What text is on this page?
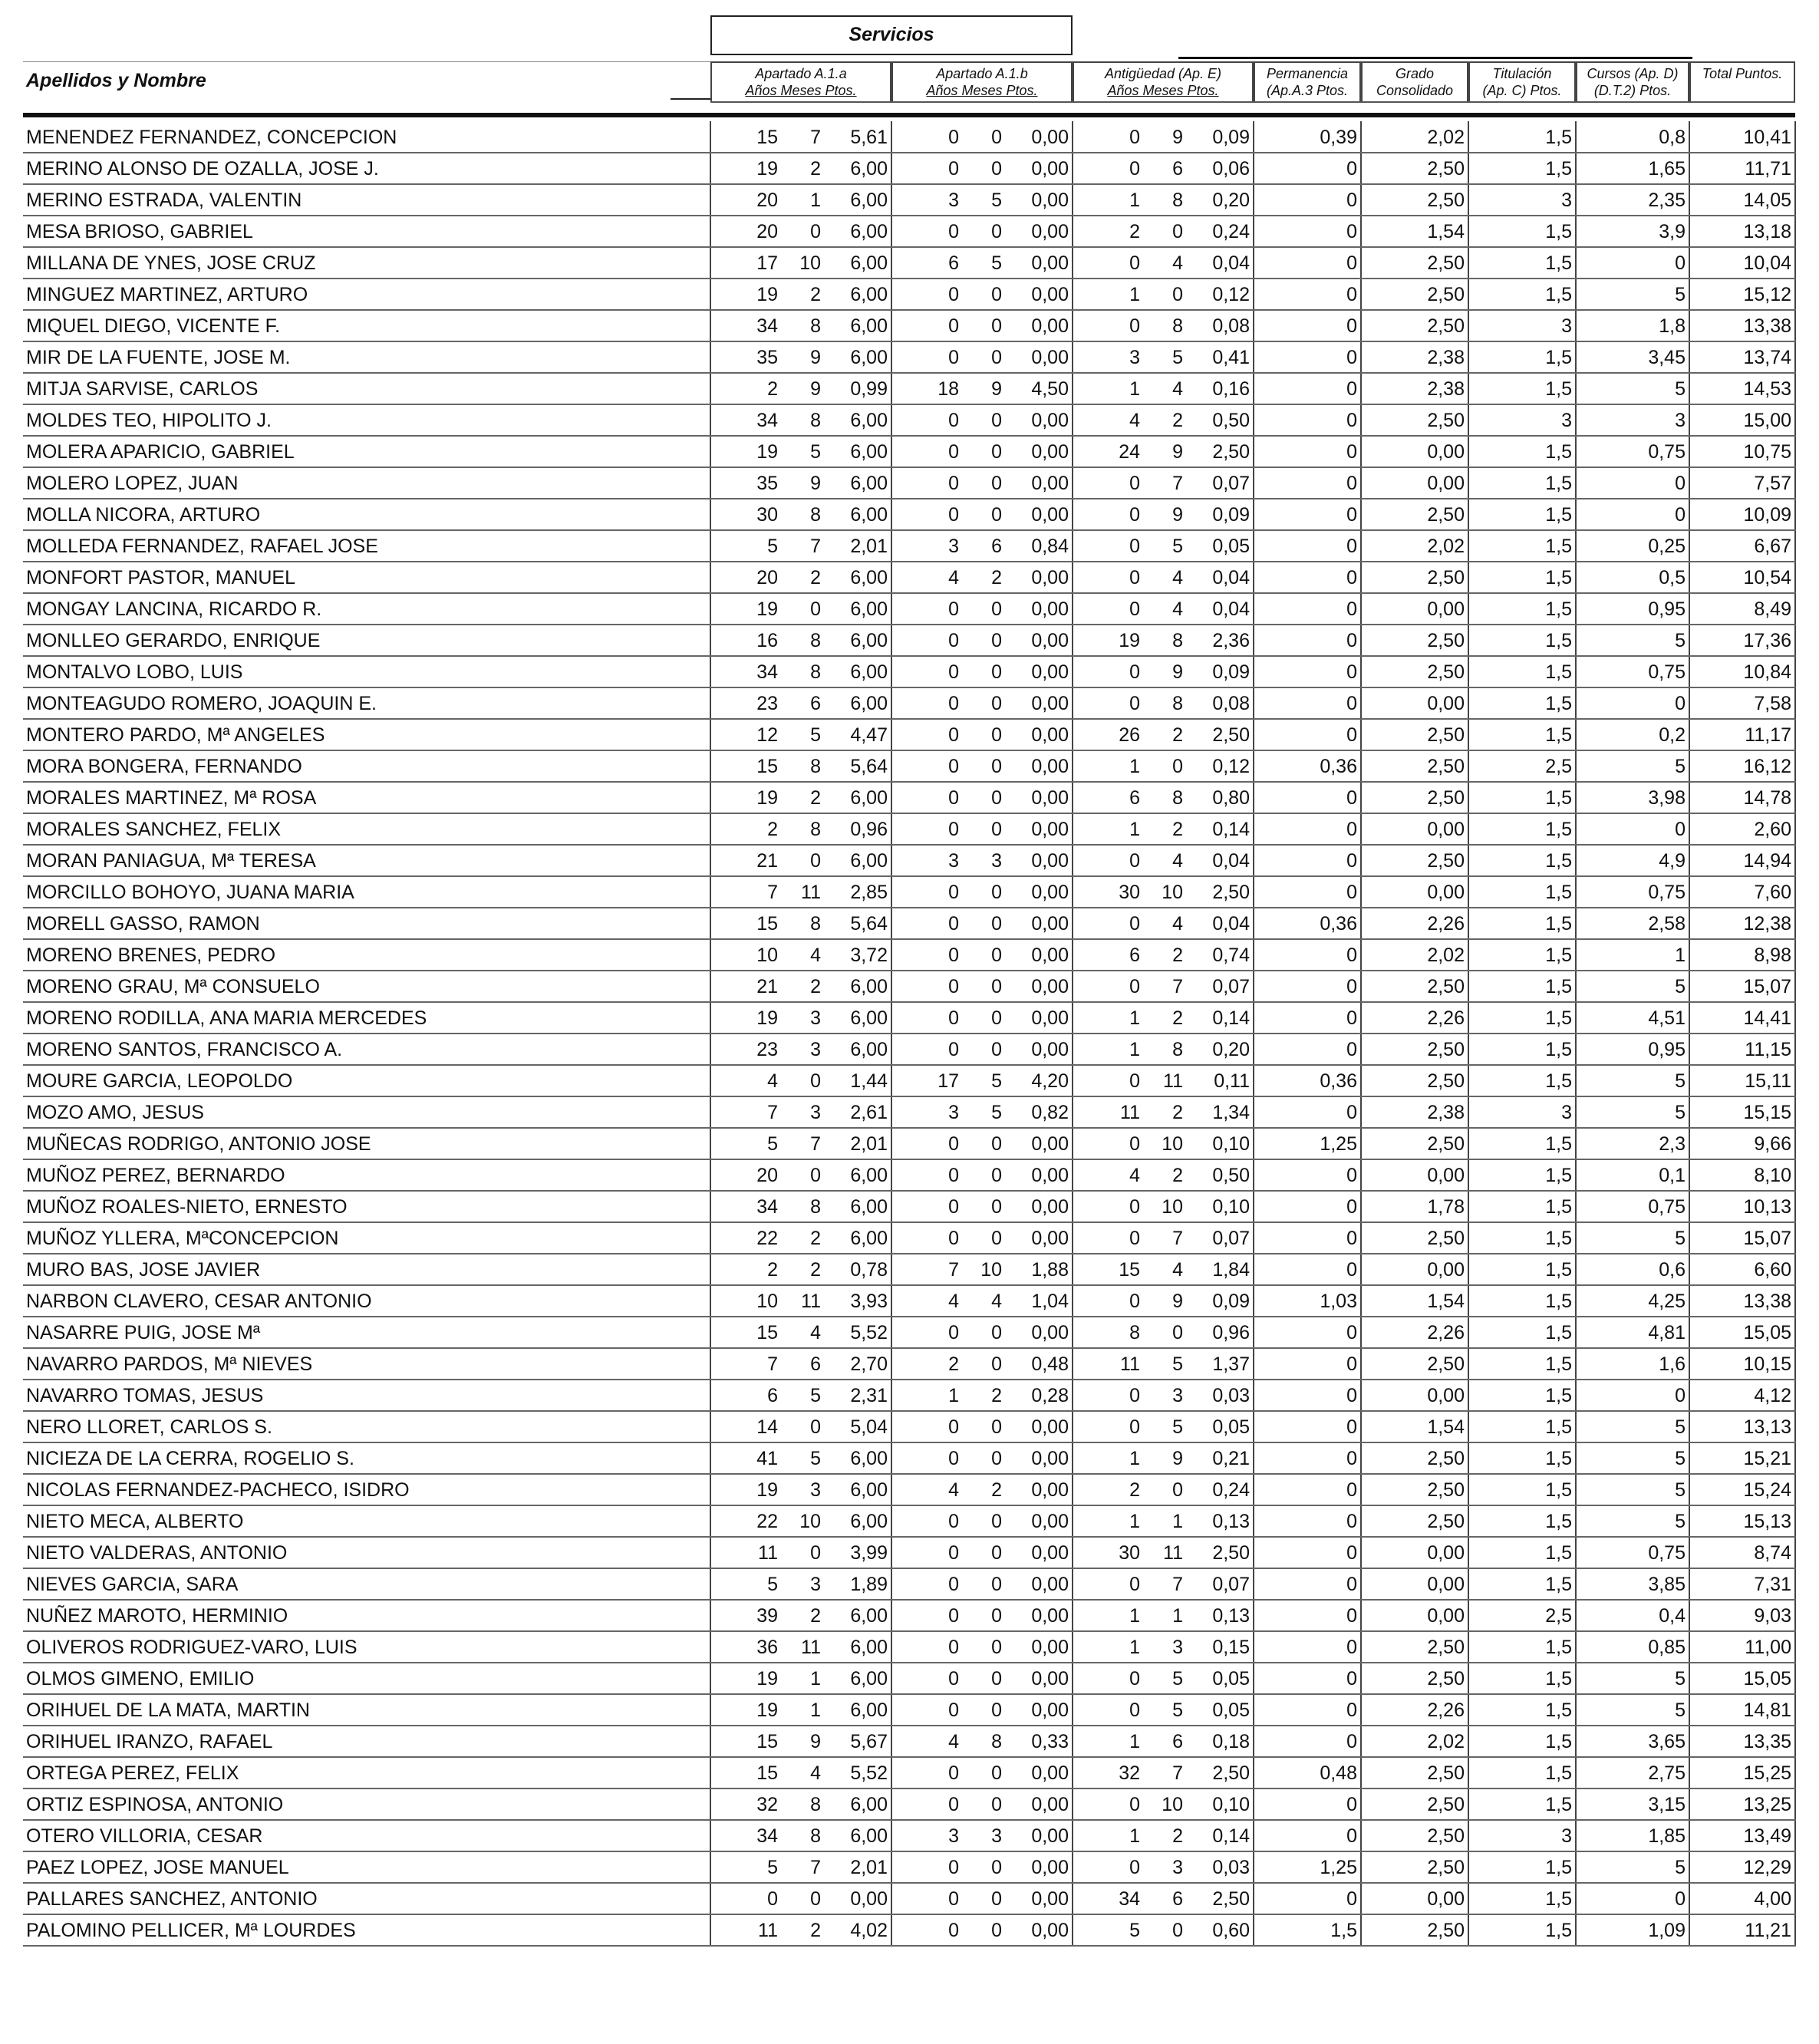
Servicios
Apellidos y Nombre	Apartado A.1.a
Años Meses Ptos.
Apartado A.1.b
Años Meses Ptos.
Antigüedad (Ap. E)
Años Meses Ptos.
Permanencia
(Ap.A.3 Ptos.
Grado
Consolidado
Titulación
(Ap. C) Ptos.
Cursos (Ap. D)
(D.T.2) Ptos.
Total Puntos.
MENENDEZ FERNANDEZ, CONCEPCION	15	7	5,61	0	0	0,00	0	9	0,09	0,39	2,02	1,5	0,8	10,41
MERINO ALONSO DE OZALLA, JOSE J.	19	2	6,00	0	0	0,00	0	6	0,06	0	2,50	1,5	1,65	11,71
MERINO ESTRADA, VALENTIN	20	1	6,00	3	5	0,00	1	8	0,20	0	2,50	3	2,35	14,05
MESA BRIOSO, GABRIEL	20	0	6,00	0	0	0,00	2	0	0,24	0	1,54	1,5	3,9	13,18
MILLANA DE YNES, JOSE CRUZ	17	10	6,00	6	5	0,00	0	4	0,04	0	2,50	1,5	0	10,04
MINGUEZ MARTINEZ, ARTURO	19	2	6,00	0	0	0,00	1	0	0,12	0	2,50	1,5	5	15,12
MIQUEL DIEGO, VICENTE F.	34	8	6,00	0	0	0,00	0	8	0,08	0	2,50	3	1,8	13,38
MIR DE LA FUENTE, JOSE M.	35	9	6,00	0	0	0,00	3	5	0,41	0	2,38	1,5	3,45	13,74
MITJA SARVISE, CARLOS	2	9	0,99	18	9	4,50	1	4	0,16	0	2,38	1,5	5	14,53
MOLDES TEO, HIPOLITO J.	34	8	6,00	0	0	0,00	4	2	0,50	0	2,50	3	3	15,00
MOLERA APARICIO, GABRIEL	19	5	6,00	0	0	0,00	24	9	2,50	0	0,00	1,5	0,75	10,75
MOLERO LOPEZ, JUAN	35	9	6,00	0	0	0,00	0	7	0,07	0	0,00	1,5	0	7,57
MOLLA NICORA, ARTURO	30	8	6,00	0	0	0,00	0	9	0,09	0	2,50	1,5	0	10,09
MOLLEDA FERNANDEZ, RAFAEL JOSE	5	7	2,01	3	6	0,84	0	5	0,05	0	2,02	1,5	0,25	6,67
MONFORT PASTOR, MANUEL	20	2	6,00	4	2	0,00	0	4	0,04	0	2,50	1,5	0,5	10,54
MONGAY LANCINA, RICARDO R.	19	0	6,00	0	0	0,00	0	4	0,04	0	0,00	1,5	0,95	8,49
MONLLEO GERARDO, ENRIQUE	16	8	6,00	0	0	0,00	19	8	2,36	0	2,50	1,5	5	17,36
MONTALVO LOBO, LUIS	34	8	6,00	0	0	0,00	0	9	0,09	0	2,50	1,5	0,75	10,84
MONTEAGUDO ROMERO, JOAQUIN E.	23	6	6,00	0	0	0,00	0	8	0,08	0	0,00	1,5	0	7,58
MONTERO PARDO, Mª ANGELES	12	5	4,47	0	0	0,00	26	2	2,50	0	2,50	1,5	0,2	11,17
MORA BONGERA, FERNANDO	15	8	5,64	0	0	0,00	1	0	0,12	0,36	2,50	2,5	5	16,12
MORALES MARTINEZ, Mª ROSA	19	2	6,00	0	0	0,00	6	8	0,80	0	2,50	1,5	3,98	14,78
MORALES SANCHEZ, FELIX	2	8	0,96	0	0	0,00	1	2	0,14	0	0,00	1,5	0	2,60
MORAN PANIAGUA, Mª TERESA	21	0	6,00	3	3	0,00	0	4	0,04	0	2,50	1,5	4,9	14,94
MORCILLO BOHOYO, JUANA MARIA	7	11	2,85	0	0	0,00	30	10	2,50	0	0,00	1,5	0,75	7,60
MORELL GASSO, RAMON	15	8	5,64	0	0	0,00	0	4	0,04	0,36	2,26	1,5	2,58	12,38
MORENO BRENES, PEDRO	10	4	3,72	0	0	0,00	6	2	0,74	0	2,02	1,5	1	8,98
MORENO GRAU, Mª CONSUELO	21	2	6,00	0	0	0,00	0	7	0,07	0	2,50	1,5	5	15,07
MORENO RODILLA, ANA MARIA MERCEDES	19	3	6,00	0	0	0,00	1	2	0,14	0	2,26	1,5	4,51	14,41
MORENO SANTOS, FRANCISCO A.	23	3	6,00	0	0	0,00	1	8	0,20	0	2,50	1,5	0,95	11,15
MOURE GARCIA, LEOPOLDO	4	0	1,44	17	5	4,20	0	11	0,11	0,36	2,50	1,5	5	15,11
MOZO AMO, JESUS	7	3	2,61	3	5	0,82	11	2	1,34	0	2,38	3	5	15,15
MUÑECAS RODRIGO, ANTONIO JOSE	5	7	2,01	0	0	0,00	0	10	0,10	1,25	2,50	1,5	2,3	9,66
MUÑOZ PEREZ, BERNARDO	20	0	6,00	0	0	0,00	4	2	0,50	0	0,00	1,5	0,1	8,10
MUÑOZ ROALES-NIETO, ERNESTO	34	8	6,00	0	0	0,00	0	10	0,10	0	1,78	1,5	0,75	10,13
MUÑOZ YLLERA, MªCONCEPCION	22	2	6,00	0	0	0,00	0	7	0,07	0	2,50	1,5	5	15,07
MURO BAS, JOSE JAVIER	2	2	0,78	7	10	1,88	15	4	1,84	0	0,00	1,5	0,6	6,60
NARBON CLAVERO, CESAR ANTONIO	10	11	3,93	4	4	1,04	0	9	0,09	1,03	1,54	1,5	4,25	13,38
NASARRE PUIG, JOSE Mª	15	4	5,52	0	0	0,00	8	0	0,96	0	2,26	1,5	4,81	15,05
NAVARRO PARDOS, Mª NIEVES	7	6	2,70	2	0	0,48	11	5	1,37	0	2,50	1,5	1,6	10,15
NAVARRO TOMAS, JESUS	6	5	2,31	1	2	0,28	0	3	0,03	0	0,00	1,5	0	4,12
NERO LLORET, CARLOS S.	14	0	5,04	0	0	0,00	0	5	0,05	0	1,54	1,5	5	13,13
NICIEZA DE LA CERRA, ROGELIO S.	41	5	6,00	0	0	0,00	1	9	0,21	0	2,50	1,5	5	15,21
NICOLAS FERNANDEZ-PACHECO, ISIDRO	19	3	6,00	4	2	0,00	2	0	0,24	0	2,50	1,5	5	15,24
NIETO MECA, ALBERTO	22	10	6,00	0	0	0,00	1	1	0,13	0	2,50	1,5	5	15,13
NIETO VALDERAS, ANTONIO	11	0	3,99	0	0	0,00	30	11	2,50	0	0,00	1,5	0,75	8,74
NIEVES GARCIA, SARA	5	3	1,89	0	0	0,00	0	7	0,07	0	0,00	1,5	3,85	7,31
NUÑEZ MAROTO, HERMINIO	39	2	6,00	0	0	0,00	1	1	0,13	0	0,00	2,5	0,4	9,03
OLIVEROS RODRIGUEZ-VARO, LUIS	36	11	6,00	0	0	0,00	1	3	0,15	0	2,50	1,5	0,85	11,00
OLMOS GIMENO, EMILIO	19	1	6,00	0	0	0,00	0	5	0,05	0	2,50	1,5	5	15,05
ORIHUEL DE LA MATA, MARTIN	19	1	6,00	0	0	0,00	0	5	0,05	0	2,26	1,5	5	14,81
ORIHUEL IRANZO, RAFAEL	15	9	5,67	4	8	0,33	1	6	0,18	0	2,02	1,5	3,65	13,35
ORTEGA PEREZ, FELIX	15	4	5,52	0	0	0,00	32	7	2,50	0,48	2,50	1,5	2,75	15,25
ORTIZ ESPINOSA, ANTONIO	32	8	6,00	0	0	0,00	0	10	0,10	0	2,50	1,5	3,15	13,25
OTERO VILLORIA, CESAR	34	8	6,00	3	3	0,00	1	2	0,14	0	2,50	3	1,85	13,49
PAEZ LOPEZ, JOSE MANUEL	5	7	2,01	0	0	0,00	0	3	0,03	1,25	2,50	1,5	5	12,29
PALLARES SANCHEZ, ANTONIO	0	0	0,00	0	0	0,00	34	6	2,50	0	0,00	1,5	0	4,00
PALOMINO PELLICER, Mª LOURDES	11	2	4,02	0	0	0,00	5	0	0,60	1,5	2,50	1,5	1,09	11,21
